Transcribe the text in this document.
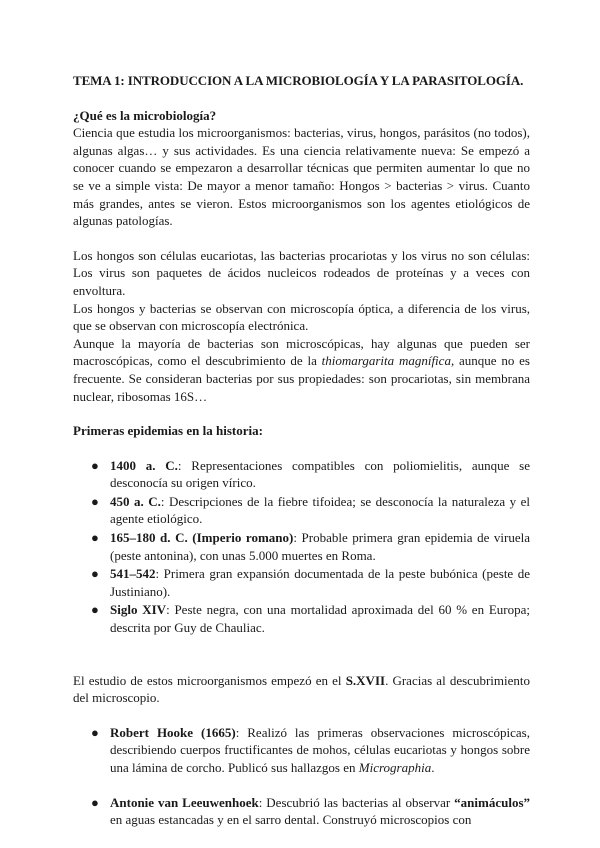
TEMA 1: INTRODUCCION A LA MICROBIOLOGÍA Y LA PARASITOLOGÍA.
¿Qué es la microbiología?

Ciencia que estudia los microorganismos: bacterias, virus, hongos, parásitos (no todos), algunas algas… y sus actividades. Es una ciencia relativamente nueva: Se empezó a conocer cuando se empezaron a desarrollar técnicas que permiten aumentar lo que no se ve a simple vista: De mayor a menor tamaño: Hongos > bacterias > virus. Cuanto más grandes, antes se vieron. Estos microorganismos son los agentes etiológicos de algunas patologías.

Los hongos son células eucariotas, las bacterias procariotas y los virus no son células: Los virus son paquetes de ácidos nucleicos rodeados de proteínas y a veces con envoltura.

Los hongos y bacterias se observan con microscopía óptica, a diferencia de los virus, que se observan con microscopía electrónica.

Aunque la mayoría de bacterias son microscópicas, hay algunas que pueden ser macroscópicas, como el descubrimiento de la thiomargarita magnífica, aunque no es frecuente. Se consideran bacterias por sus propiedades: son procariotas, sin membrana nuclear, ribosomas 16S…

Primeras epidemias en la historia:
● 1400 a. C.: Representaciones compatibles con poliomielitis, aunque se desconocía su origen vírico.
● 450 a. C.: Descripciones de la fiebre tifoidea; se desconocía la naturaleza y el agente etiológico.
● 165–180 d. C. (Imperio romano): Probable primera gran epidemia de viruela (peste antonina), con unas 5.000 muertes en Roma.
● 541–542: Primera gran expansión documentada de la peste bubónica (peste de Justiniano).
● Siglo XIV: Peste negra, con una mortalidad aproximada del 60 % en Europa; descrita por Guy de Chauliac.

El estudio de estos microorganismos empezó en el S.XVII. Gracias al descubrimiento del microscopio.

● Robert Hooke (1665): Realizó las primeras observaciones microscópicas, describiendo cuerpos fructificantes de mohos, células eucariotas y hongos sobre una lámina de corcho. Publicó sus hallazgos en Micrographia.
● Antonie van Leeuwenhoek: Descubrió las bacterias al observar “animáculos” en aguas estancadas y en el sarro dental. Construyó microscopios con
